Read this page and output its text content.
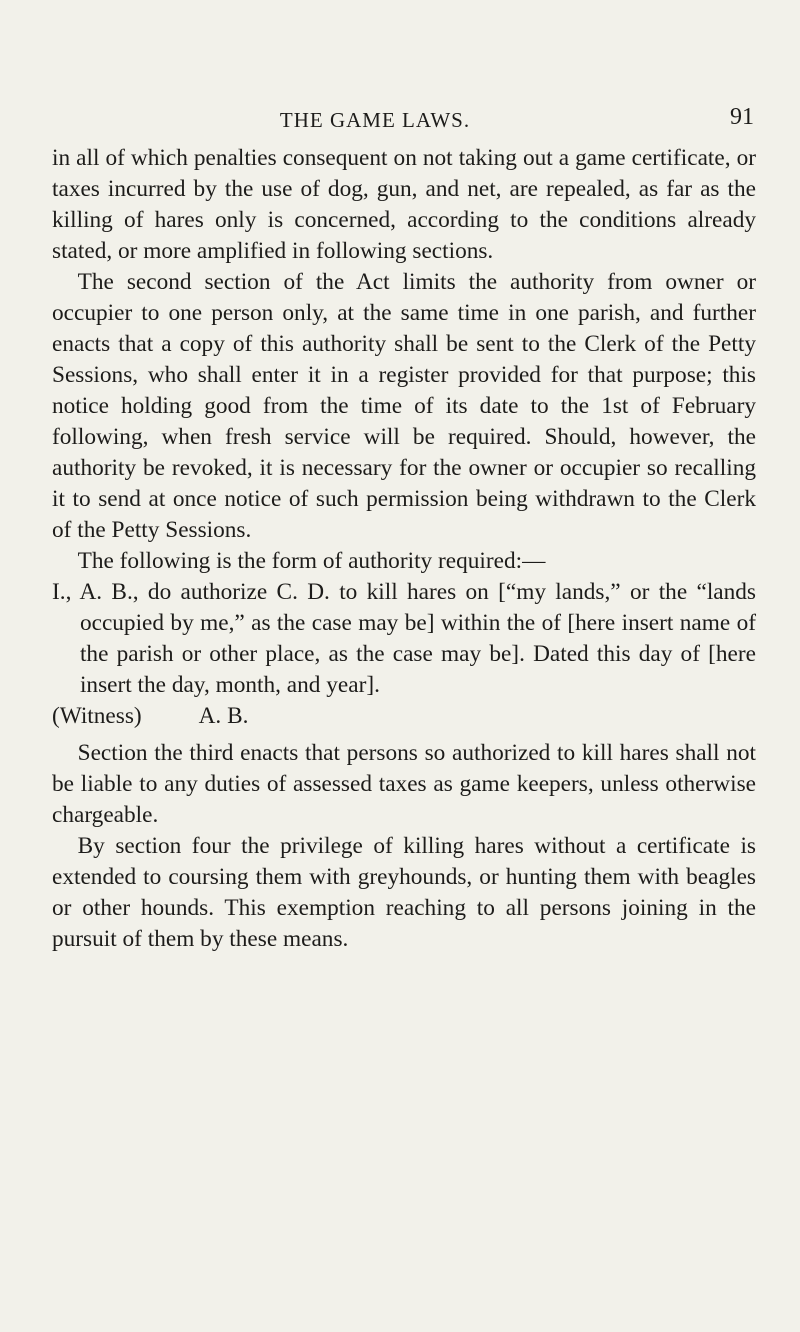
THE GAME LAWS.	91

in all of which penalties consequent on not taking out a game certificate, or taxes incurred by the use of dog, gun, and net, are repealed, as far as the killing of hares only is concerned, according to the conditions already stated, or more amplified in following sections.

The second section of the Act limits the authority from owner or occupier to one person only, at the same time in one parish, and further enacts that a copy of this authority shall be sent to the Clerk of the Petty Sessions, who shall enter it in a register provided for that purpose; this notice holding good from the time of its date to the 1st of February following, when fresh service will be required. Should, however, the authority be revoked, it is necessary for the owner or occupier so recalling it to send at once notice of such permission being withdrawn to the Clerk of the Petty Sessions.

The following is the form of authority required:—

I., A. B., do authorize C. D. to kill hares on [“my lands,” or the “lands occupied by me,” as the case may be] within the of [here insert name of the parish or other place, as the case may be]. Dated this day of [here insert the day, month, and year].

(Witness)          A. B.

Section the third enacts that persons so authorized to kill hares shall not be liable to any duties of assessed taxes as game keepers, unless otherwise chargeable.

By section four the privilege of killing hares without a certificate is extended to coursing them with greyhounds, or hunting them with beagles or other hounds. This exemption reaching to all persons joining in the pursuit of them by these means.
